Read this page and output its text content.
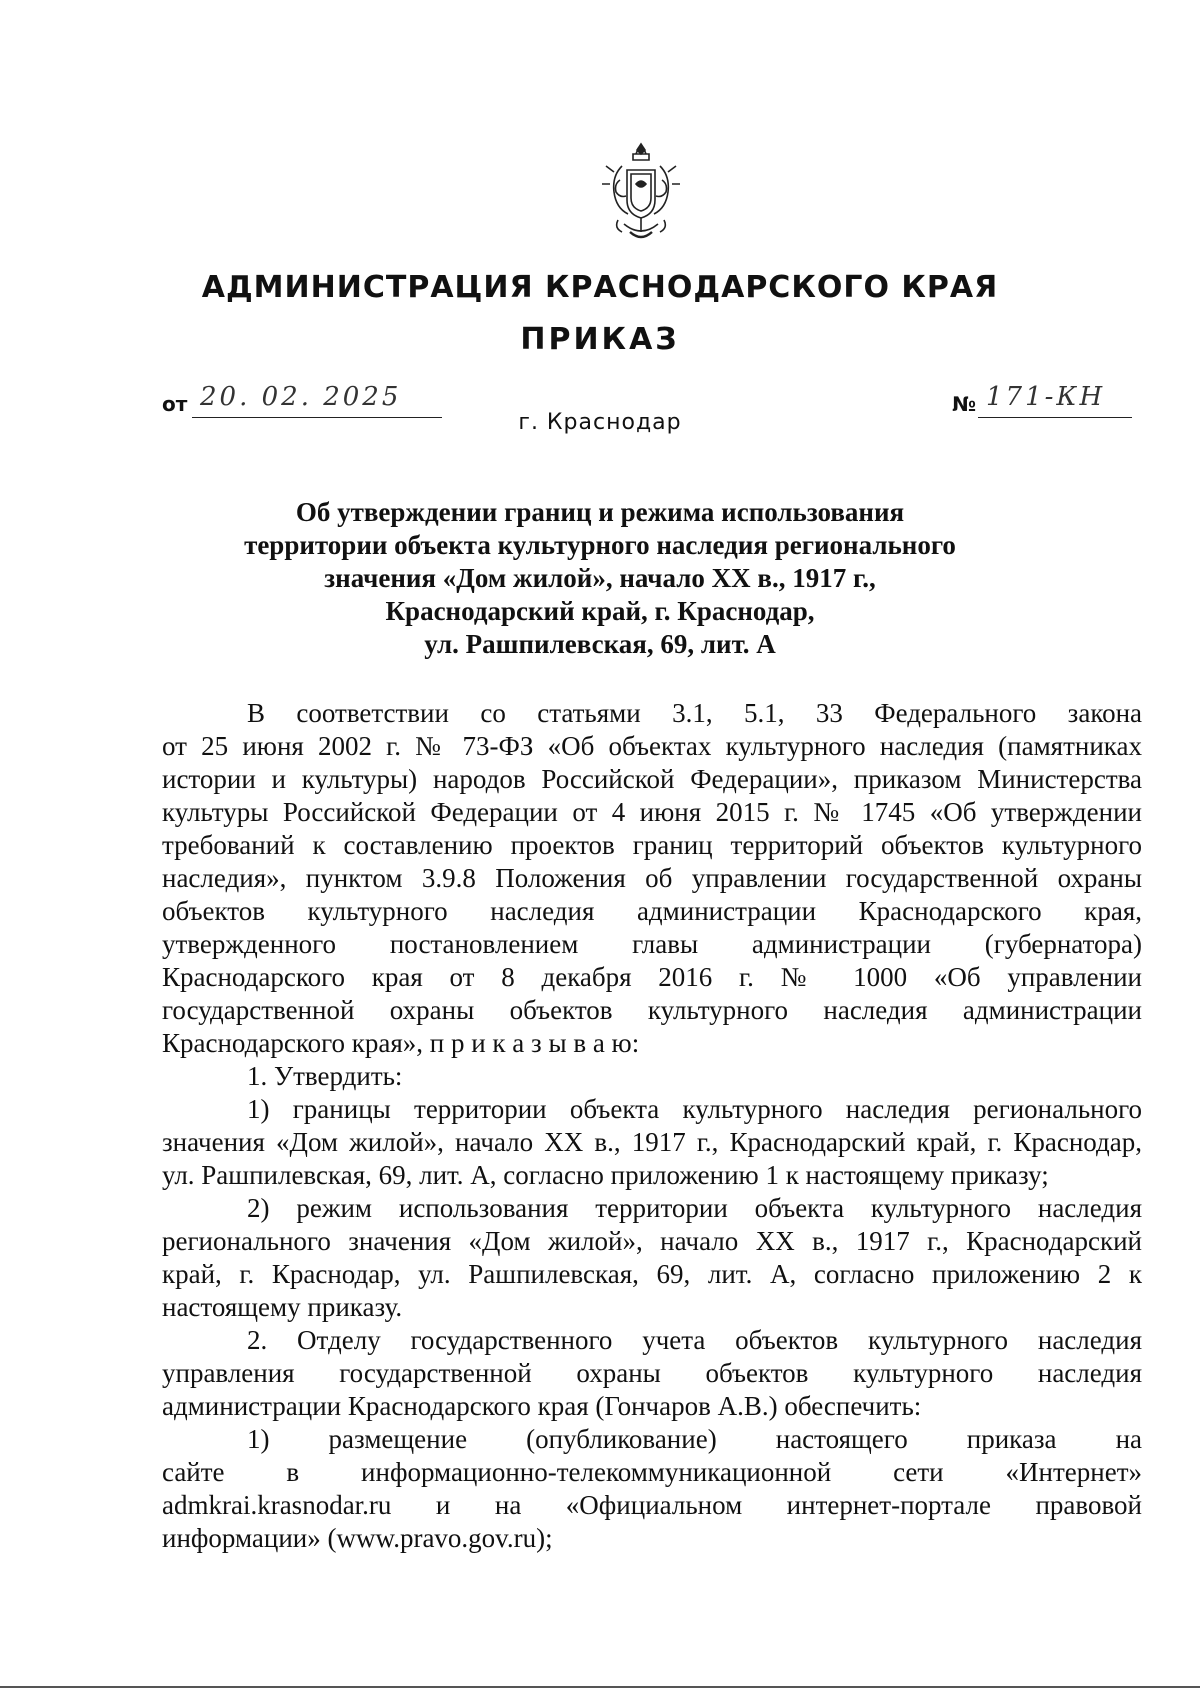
АДМИНИСТРАЦИЯ КРАСНОДАРСКОГО КРАЯ
ПРИКАЗ
от 20. 02. 2025	№ 171-КН
г. Краснодар
Об утверждении границ и режима использования
территории объекта культурного наследия регионального
значения «Дом жилой», начало XX в., 1917 г.,
Краснодарский край, г. Краснодар,
ул. Рашпилевская, 69, лит. А
В соответствии со статьями 3.1, 5.1, 33 Федерального закона
от 25 июня 2002 г. № 73-ФЗ «Об объектах культурного наследия (памятниках
истории и культуры) народов Российской Федерации», приказом Министерства
культуры Российской Федерации от 4 июня 2015 г. № 1745 «Об утверждении
требований к составлению проектов границ территорий объектов культурного
наследия», пунктом 3.9.8 Положения об управлении государственной охраны
объектов культурного наследия администрации Краснодарского края,
утвержденного постановлением главы администрации (губернатора)
Краснодарского края от 8 декабря 2016 г. № 1000 «Об управлении
государственной охраны объектов культурного наследия администрации
Краснодарского края», п р и к а з ы в а ю:
1. Утвердить:
1) границы территории объекта культурного наследия регионального
значения «Дом жилой», начало XX в., 1917 г., Краснодарский край, г. Краснодар,
ул. Рашпилевская, 69, лит. А, согласно приложению 1 к настоящему приказу;
2) режим использования территории объекта культурного наследия
регионального значения «Дом жилой», начало XX в., 1917 г., Краснодарский
край, г. Краснодар, ул. Рашпилевская, 69, лит. А, согласно приложению 2 к
настоящему приказу.
2. Отделу государственного учета объектов культурного наследия
управления государственной охраны объектов культурного наследия
администрации Краснодарского края (Гончаров А.В.) обеспечить:
1) размещение (опубликование) настоящего приказа на
сайте в информационно-телекоммуникационной сети «Интернет»
admkrai.krasnodar.ru и на «Официальном интернет-портале правовой
информации» (www.pravo.gov.ru);
